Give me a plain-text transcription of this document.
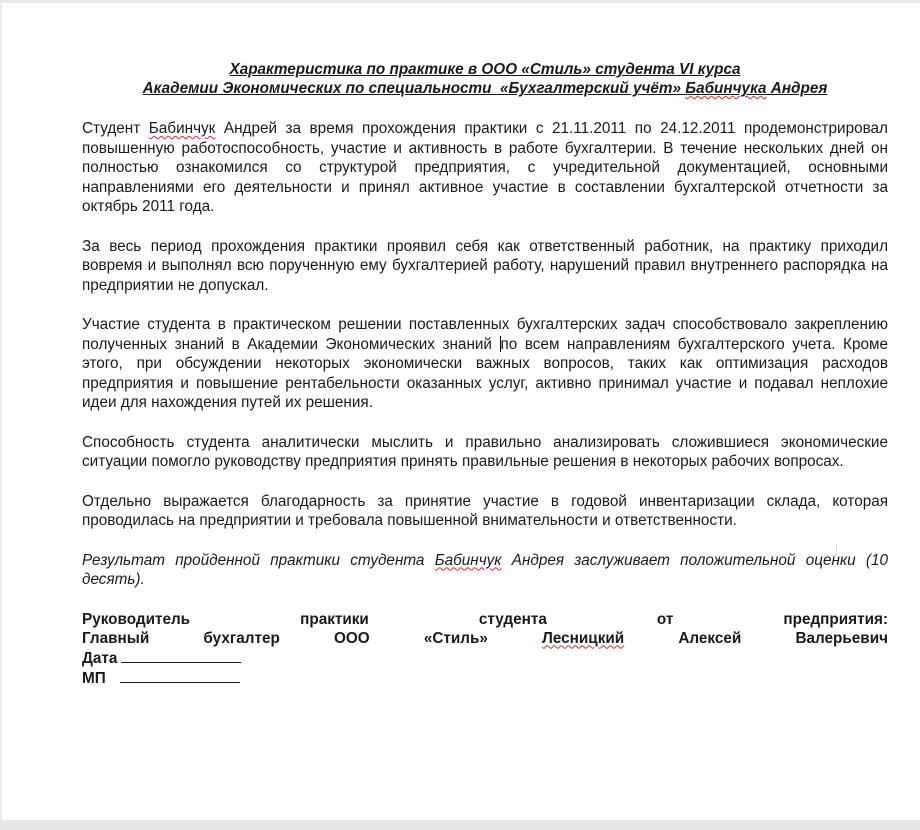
Характеристика по практике в ООО «Стиль» студента VI курса
Академии Экономических по специальности  «Бухгалтерский учёт» Бабинчука Андрея

Студент Бабинчук Андрей за время прохождения практики с 21.11.2011 по 24.12.2011 продемонстрировал повышенную работоспособность, участие и активность в работе бухгалтерии. В течение нескольких дней он полностью ознакомился со структурой предприятия, с учредительной документацией, основными направлениями его деятельности и принял активное участие в составлении бухгалтерской отчетности за октябрь 2011 года.

За весь период прохождения практики проявил себя как ответственный работник, на практику приходил вовремя и выполнял всю порученную ему бухгалтерией работу, нарушений правил внутреннего распорядка на предприятии не допускал.

Участие студента в практическом решении поставленных бухгалтерских задач способствовало закреплению полученных знаний в Академии Экономических знаний по всем направлениям бухгалтерского учета. Кроме этого, при обсуждении некоторых экономически важных вопросов, таких как оптимизация расходов предприятия и повышение рентабельности оказанных услуг, активно принимал участие и подавал неплохие идеи для нахождения путей их решения.

Способность студента аналитически мыслить и правильно анализировать сложившиеся экономические ситуации помогло руководству предприятия принять правильные решения в некоторых рабочих вопросах.

Отдельно выражается благодарность за принятие участие в годовой инвентаризации склада, которая проводилась на предприятии и требовала повышенной внимательности и ответственности.

Результат пройденной практики студента Бабинчук Андрея заслуживает положительной оценки (10 десять).

Руководитель	практики	студента	от	предприятия:
Главный	бухгалтер	ООО	«Стиль»	Лесницкий	Алексей	Валерьевич
Дата
МП
